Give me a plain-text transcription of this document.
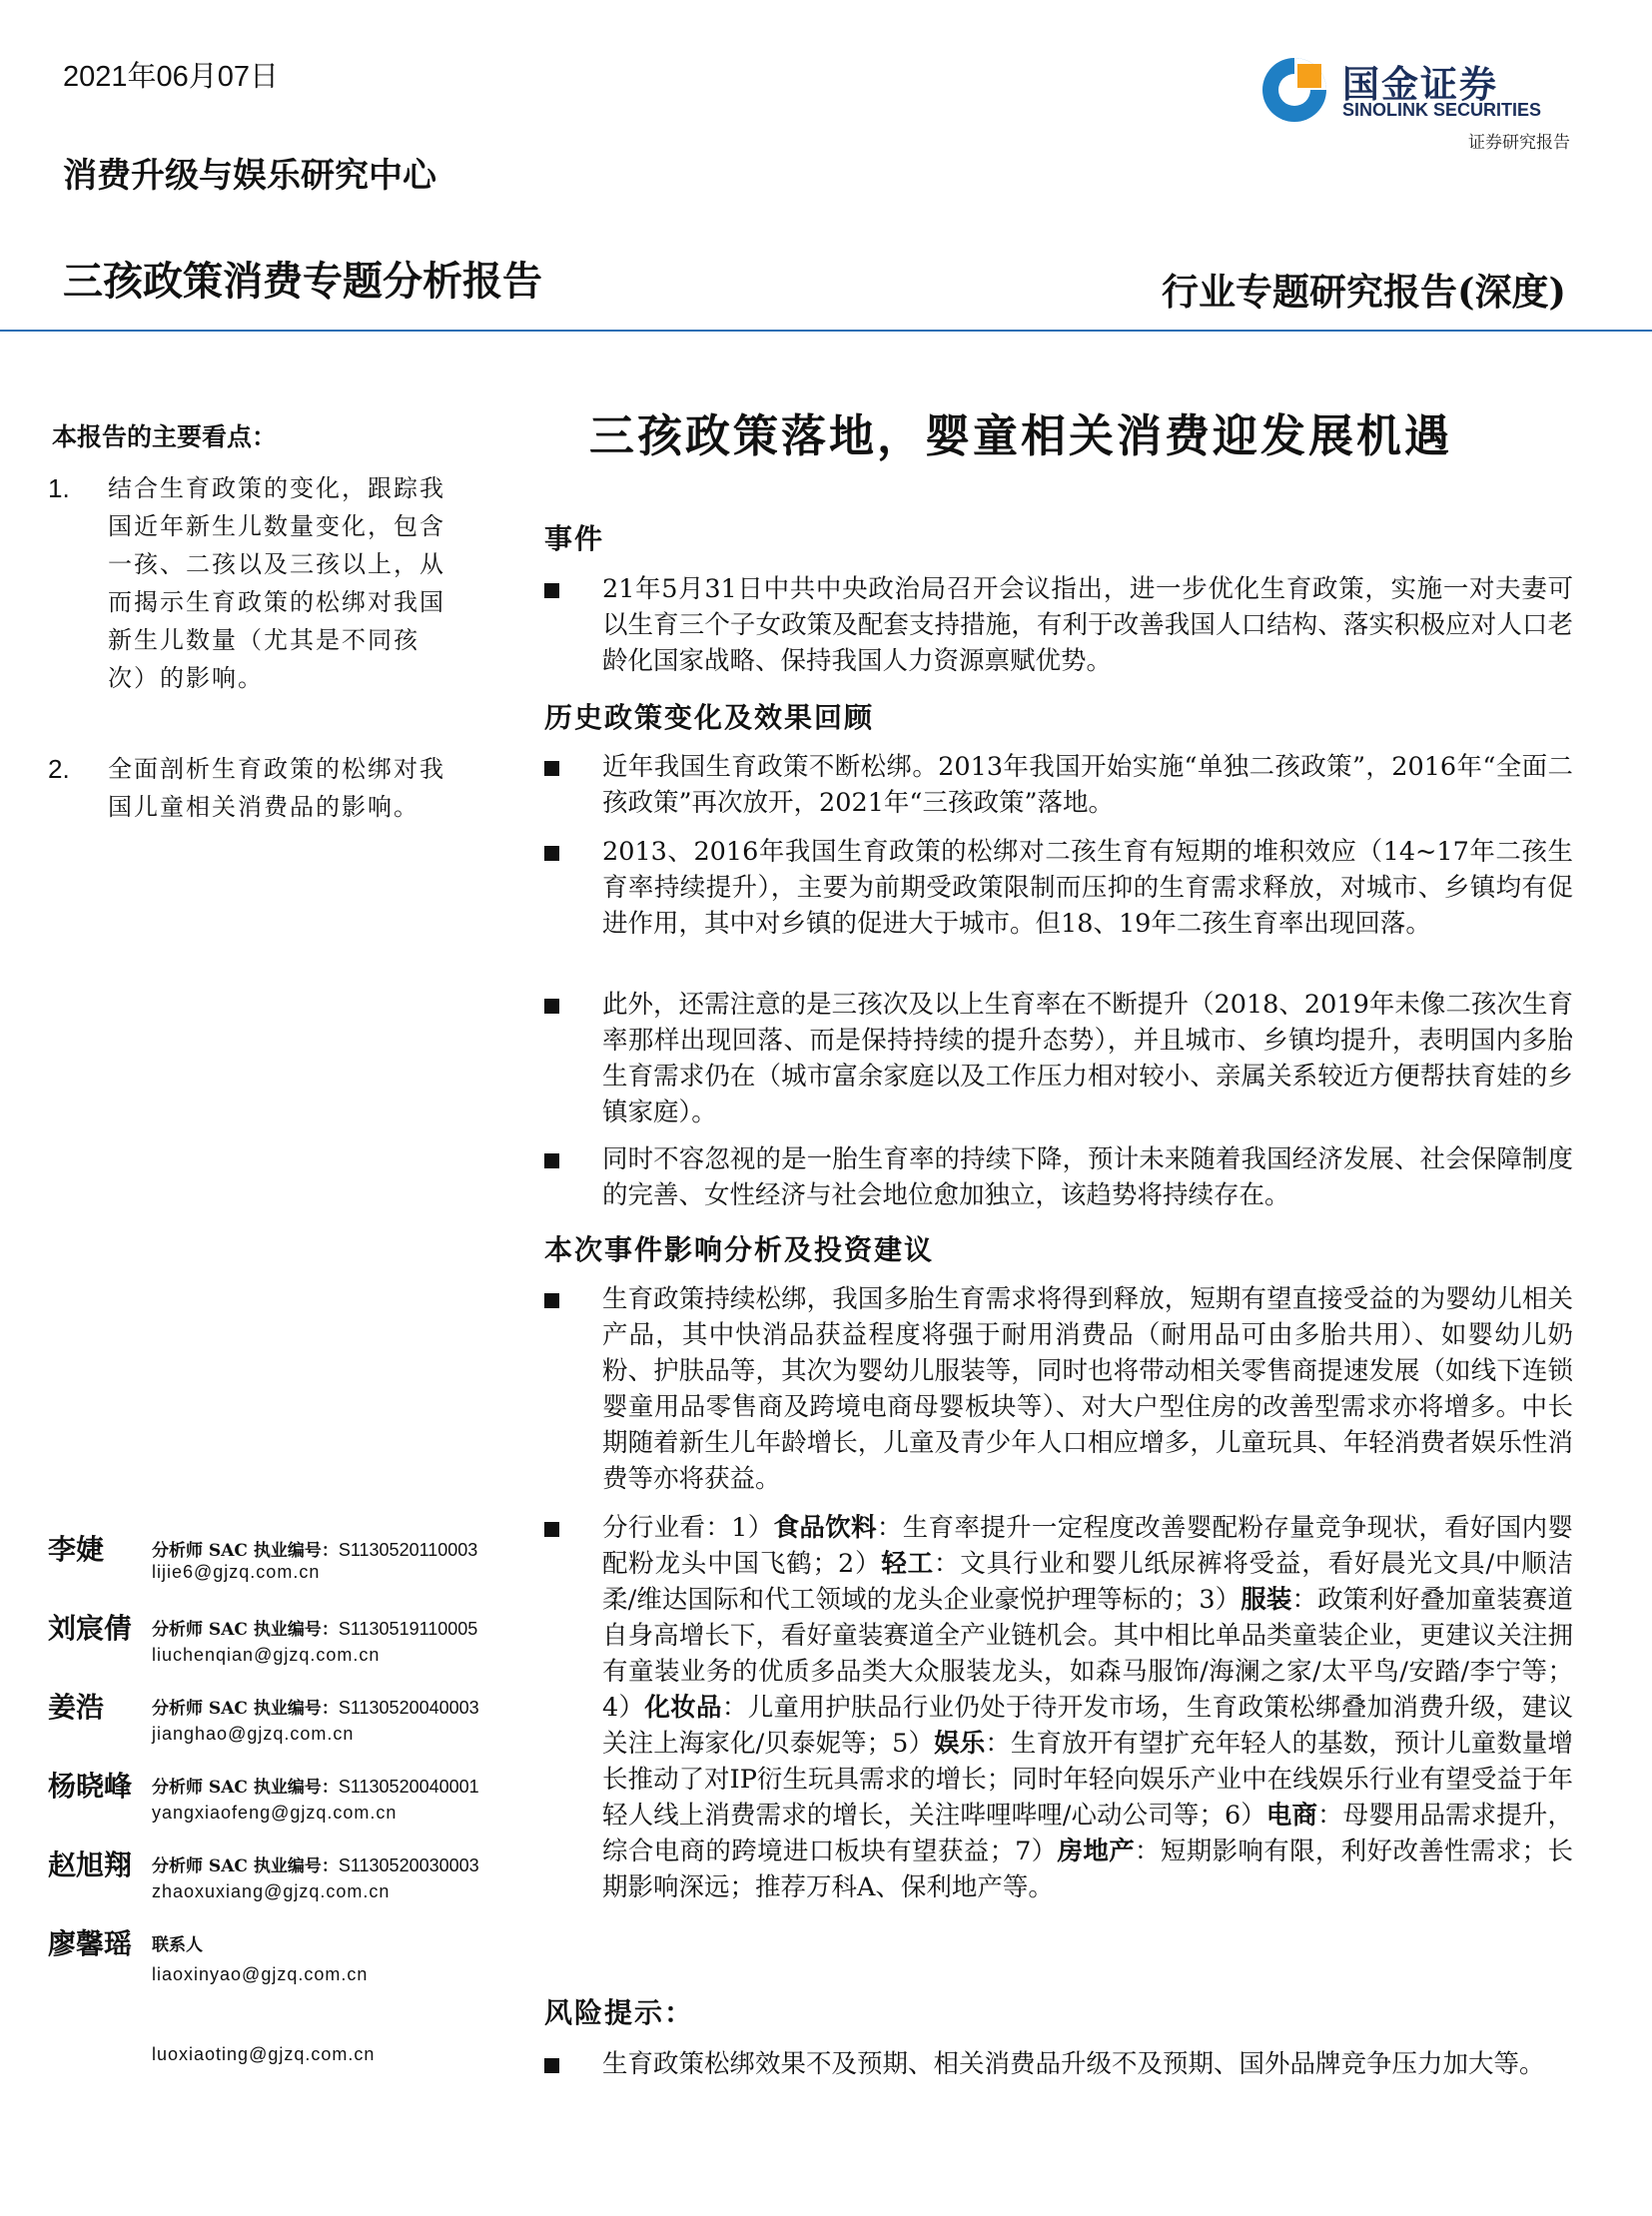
2021年06月07日
消费升级与娱乐研究中心
三孩政策消费专题分析报告	行业专题研究报告(深度)
国金证券
SINOLINK SECURITIES
证券研究报告
本报告的主要看点：
1. 结合生育政策的变化，跟踪我国近年新生儿数量变化，包含一孩、二孩以及三孩以上，从而揭示生育政策的松绑对我国新生儿数量（尤其是不同孩次）的影响。
2. 全面剖析生育政策的松绑对我国儿童相关消费品的影响。
李婕	分析师 SAC 执业编号：S1130520110003
lijie6@gjzq.com.cn
刘宸倩 分析师 SAC 执业编号：S1130519110005
liuchenqian@gjzq.com.cn
姜浩	分析师 SAC 执业编号：S1130520040003
jianghao@gjzq.com.cn
杨晓峰 分析师 SAC 执业编号：S1130520040001
yangxiaofeng@gjzq.com.cn
赵旭翔 分析师 SAC 执业编号：S1130520030003
zhaoxuxiang@gjzq.com.cn
廖馨瑶 联系人
liaoxinyao@gjzq.com.cn
luoxiaoting@gjzq.com.cn
三孩政策落地，婴童相关消费迎发展机遇
事件
21年5月31日中共中央政治局召开会议指出，进一步优化生育政策，实施一对夫妻可以生育三个子女政策及配套支持措施，有利于改善我国人口结构、落实积极应对人口老龄化国家战略、保持我国人力资源禀赋优势。
历史政策变化及效果回顾
近年我国生育政策不断松绑。2013年我国开始实施“单独二孩政策”，2016年“全面二孩政策”再次放开，2021年“三孩政策”落地。
2013、2016年我国生育政策的松绑对二孩生育有短期的堆积效应（14~17年二孩生育率持续提升），主要为前期受政策限制而压抑的生育需求释放，对城市、乡镇均有促进作用，其中对乡镇的促进大于城市。但18、19年二孩生育率出现回落。
此外，还需注意的是三孩次及以上生育率在不断提升（2018、2019年未像二孩次生育率那样出现回落、而是保持持续的提升态势），并且城市、乡镇均提升，表明国内多胎生育需求仍在（城市富余家庭以及工作压力相对较小、亲属关系较近方便帮扶育娃的乡镇家庭）。
同时不容忽视的是一胎生育率的持续下降，预计未来随着我国经济发展、社会保障制度的完善、女性经济与社会地位愈加独立，该趋势将持续存在。
本次事件影响分析及投资建议
生育政策持续松绑，我国多胎生育需求将得到释放，短期有望直接受益的为婴幼儿相关产品，其中快消品获益程度将强于耐用消费品（耐用品可由多胎共用）、如婴幼儿奶粉、护肤品等，其次为婴幼儿服装等，同时也将带动相关零售商提速发展（如线下连锁婴童用品零售商及跨境电商母婴板块等）、对大户型住房的改善型需求亦将增多。中长期随着新生儿年龄增长，儿童及青少年人口相应增多，儿童玩具、年轻消费者娱乐性消费等亦将获益。
分行业看：1）食品饮料：生育率提升一定程度改善婴配粉存量竞争现状，看好国内婴配粉龙头中国飞鹤；2）轻工：文具行业和婴儿纸尿裤将受益，看好晨光文具/中顺洁柔/维达国际和代工领域的龙头企业豪悦护理等标的；3）服装：政策利好叠加童装赛道自身高增长下，看好童装赛道全产业链机会。其中相比单品类童装企业，更建议关注拥有童装业务的优质多品类大众服装龙头，如森马服饰/海澜之家/太平鸟/安踏/李宁等；4）化妆品：儿童用护肤品行业仍处于待开发市场，生育政策松绑叠加消费升级，建议关注上海家化/贝泰妮等；5）娱乐：生育放开有望扩充年轻人的基数，预计儿童数量增长推动了对IP衍生玩具需求的增长；同时年轻向娱乐产业中在线娱乐行业有望受益于年轻人线上消费需求的增长，关注哔哩哔哩/心动公司等；6）电商：母婴用品需求提升，综合电商的跨境进口板块有望获益；7）房地产：短期影响有限，利好改善性需求；长期影响深远；推荐万科A、保利地产等。
风险提示：
生育政策松绑效果不及预期、相关消费品升级不及预期、国外品牌竞争压力加大等。
